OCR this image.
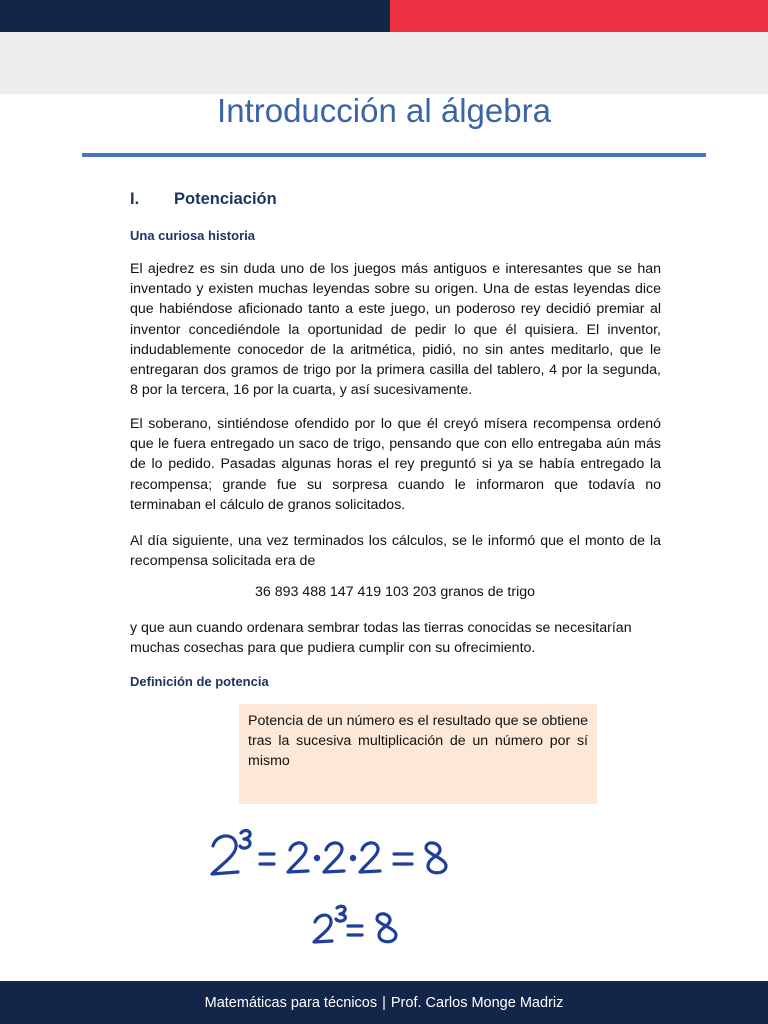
Introducción al álgebra
I. Potenciación
Una curiosa historia

El ajedrez es sin duda uno de los juegos más antiguos e interesantes que se han inventado y existen muchas leyendas sobre su origen. Una de estas leyendas dice que habiéndose aficionado tanto a este juego, un poderoso rey decidió premiar al inventor concediéndole la oportunidad de pedir lo que él quisiera. El inventor, indudablemente conocedor de la aritmética, pidió, no sin antes meditarlo, que le entregaran dos gramos de trigo por la primera casilla del tablero, 4 por la segunda, 8 por la tercera, 16 por la cuarta, y así sucesivamente.

El soberano, sintiéndose ofendido por lo que él creyó mísera recompensa ordenó que le fuera entregado un saco de trigo, pensando que con ello entregaba aún más de lo pedido. Pasadas algunas horas el rey preguntó si ya se había entregado la recompensa; grande fue su sorpresa cuando le informaron que todavía no terminaban el cálculo de granos solicitados.

Al día siguiente, una vez terminados los cálculos, se le informó que el monto de la recompensa solicitada era de

36 893 488 147 419 103 203 granos de trigo

y que aun cuando ordenara sembrar todas las tierras conocidas se necesitarían muchas cosechas para que pudiera cumplir con su ofrecimiento.

Definición de potencia

Potencia de un número es el resultado que se obtiene tras la sucesiva multiplicación de un número por sí mismo

Matemáticas para técnicos | Prof. Carlos Monge Madriz
